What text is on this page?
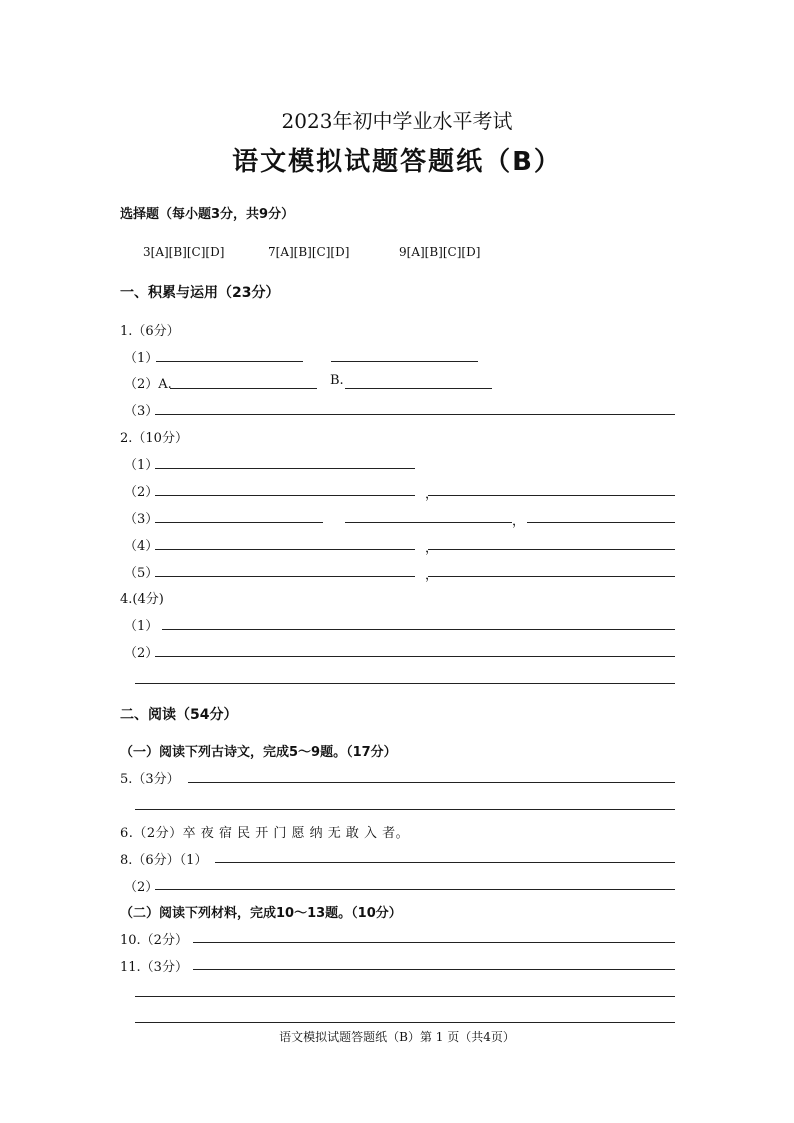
2023年初中学业水平考试
语文模拟试题答题纸（B）
选择题（每小题3分，共9分）
3[A][B][C][D]	7[A][B][C][D]	9[A][B][C][D]
一、积累与运用（23分）
1.（6分）
（1）
（2）A.	B.
（3）
2.（10分）
（1）
（2）	，
（3）	，
（4）	，
（5）	，
4.(4分)
（1）
（2）
二、阅读（54分）
（一）阅读下列古诗文，完成5～9题。（17分）
5.（3分）
6.（2分）卒 夜 宿 民 开 门 愿 纳 无 敢 入 者。
8.（6分）（1）
（2）
（二）阅读下列材料，完成10～13题。（10分）
10.（2分）
11.（3分）
语文模拟试题答题纸（B）第 1 页（共4页）
